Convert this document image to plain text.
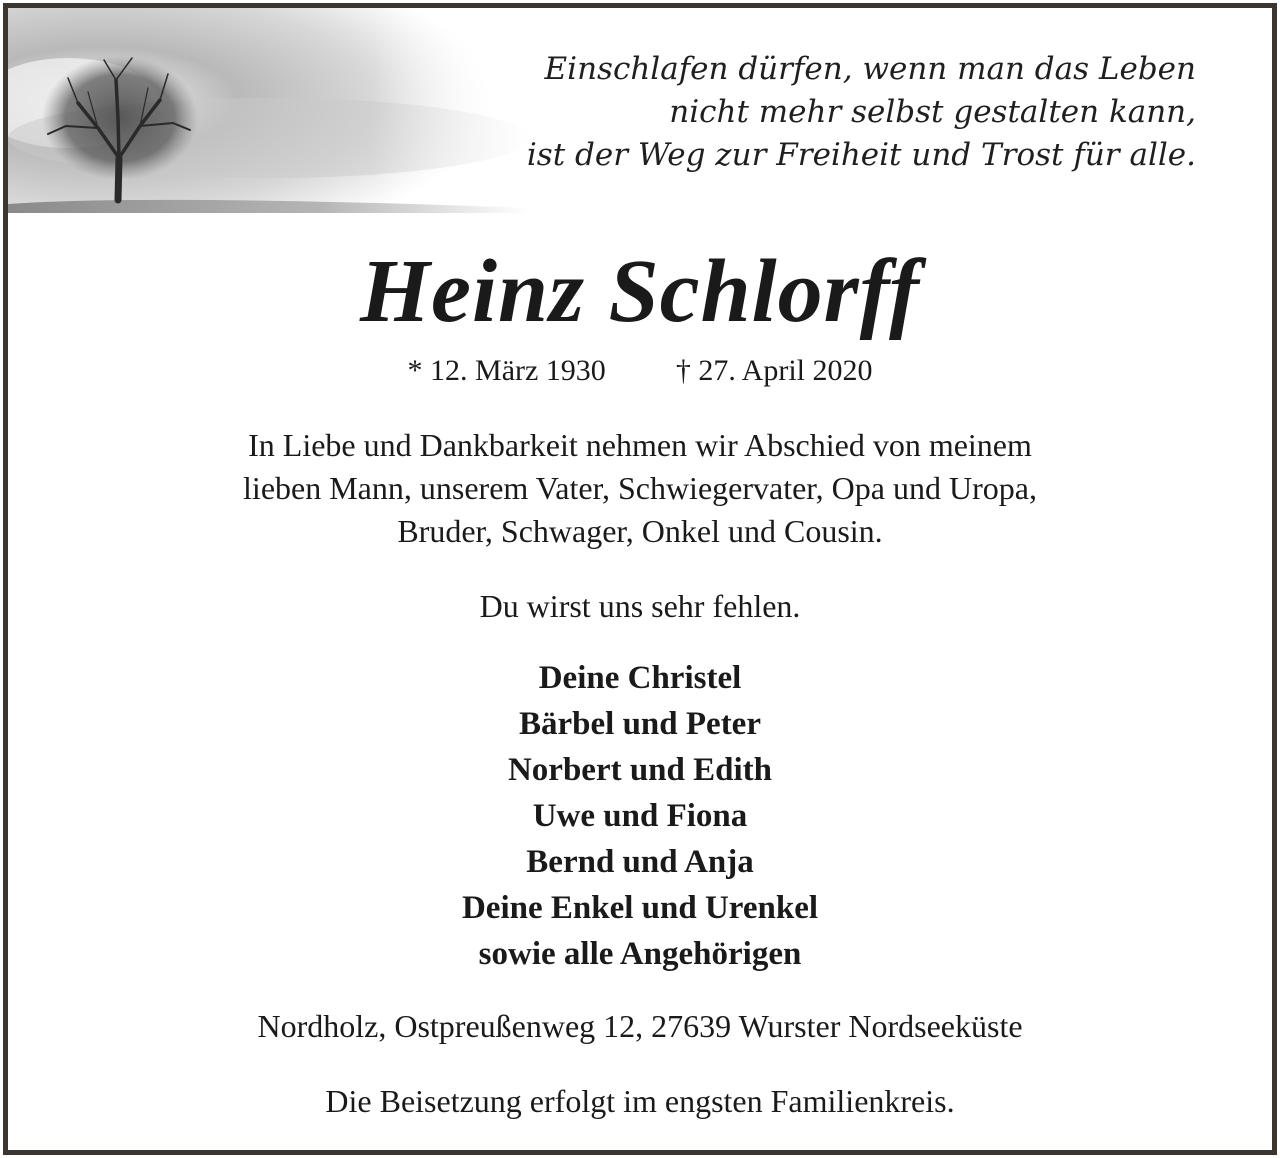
Einschlafen dürfen, wenn man das Leben
nicht mehr selbst gestalten kann,
ist der Weg zur Freiheit und Trost für alle.
Heinz Schlorff
* 12. März 1930 † 27. April 2020
In Liebe und Dankbarkeit nehmen wir Abschied von meinem
lieben Mann, unserem Vater, Schwiegervater, Opa und Uropa,
Bruder, Schwager, Onkel und Cousin.
Du wirst uns sehr fehlen.
Deine Christel
Bärbel und Peter
Norbert und Edith
Uwe und Fiona
Bernd und Anja
Deine Enkel und Urenkel
sowie alle Angehörigen
Nordholz, Ostpreußenweg 12, 27639 Wurster Nordseeküste
Die Beisetzung erfolgt im engsten Familienkreis.
